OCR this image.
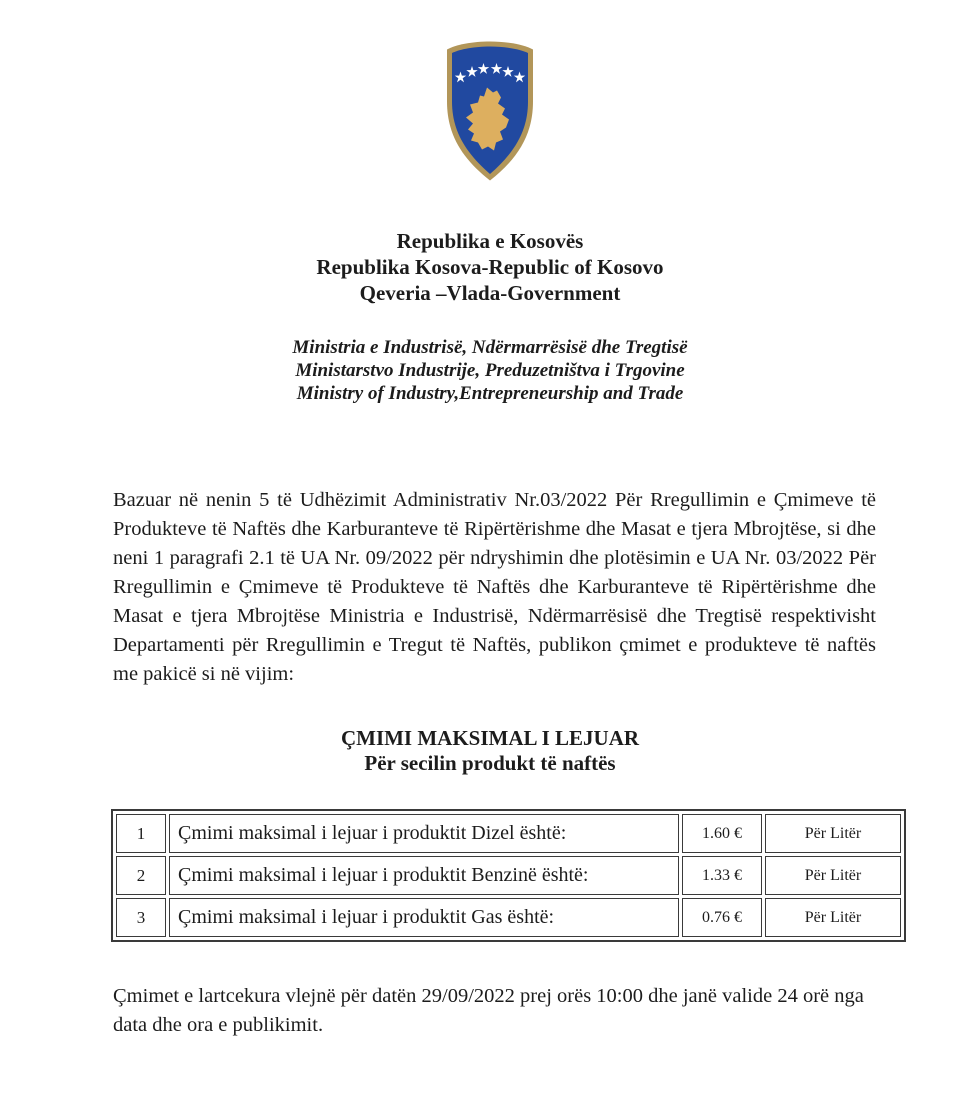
Republika e Kosovës
Republika Kosova-Republic of Kosovo
Qeveria –Vlada-Government
Ministria e Industrisë, Ndërmarrësisë dhe Tregtisë
Ministarstvo Industrije, Preduzetništva i Trgovine
Ministry of Industry,Entrepreneurship and Trade
Bazuar në nenin 5 të Udhëzimit Administrativ Nr.03/2022 Për Rregullimin e Çmimeve të Produkteve të Naftës dhe Karburanteve të Ripërtërishme dhe Masat e tjera Mbrojtëse, si dhe neni 1 paragrafi 2.1 të UA Nr. 09/2022 për ndryshimin dhe plotësimin e UA Nr. 03/2022 Për Rregullimin e Çmimeve të Produkteve të Naftës dhe Karburanteve të Ripërtërishme dhe Masat e tjera Mbrojtëse Ministria e Industrisë, Ndërmarrësisë dhe Tregtisë respektivisht Departamenti për Rregullimin e Tregut të Naftës, publikon çmimet e produkteve të naftës me pakicë si në vijim:
ÇMIMI MAKSIMAL I LEJUAR
Për secilin produkt të naftës
1	Çmimi maksimal i lejuar i produktit Dizel është:	1.60 €	Për Litër
2	Çmimi maksimal i lejuar i produktit Benzinë është:	1.33 €	Për Litër
3	Çmimi maksimal i lejuar i produktit Gas është:	0.76 €	Për Litër
Çmimet e lartcekura vlejnë për datën 29/09/2022 prej orës 10:00 dhe janë valide 24 orë nga data dhe ora e publikimit.
